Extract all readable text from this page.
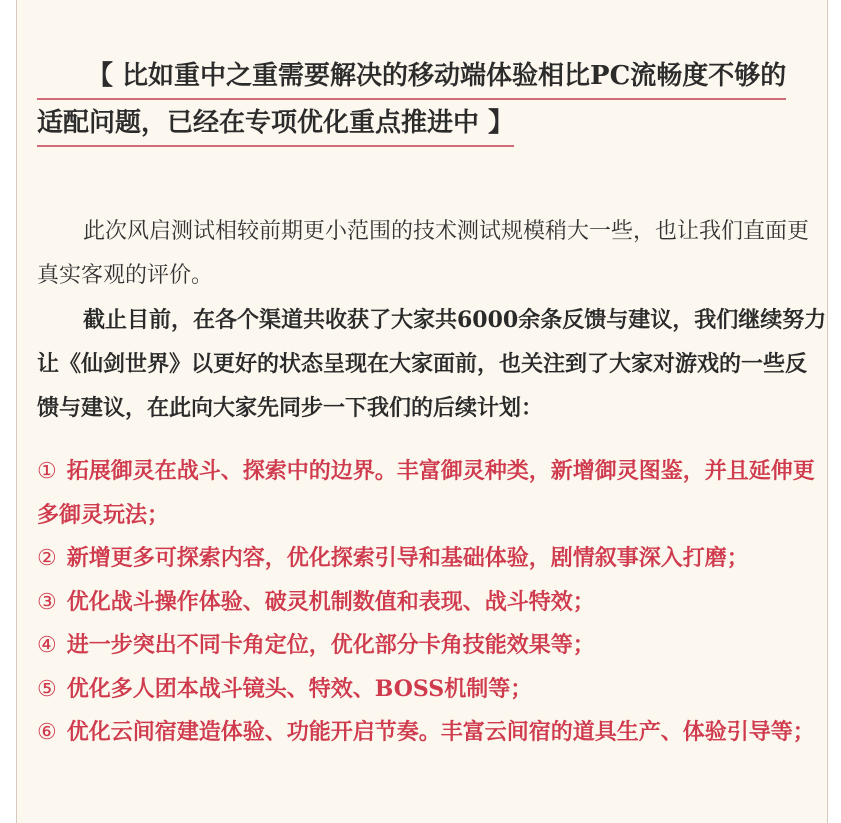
【 比如重中之重需要解决的移动端体验相比PC流畅度不够的
适配问题，已经在专项优化重点推进中 】

此次风启测试相较前期更小范围的技术测试规模稍大一些，也让我们直面更真实客观的评价。

截止目前，在各个渠道共收获了大家共6000余条反馈与建议，我们继续努力让《仙剑世界》以更好的状态呈现在大家面前，也关注到了大家对游戏的一些反馈与建议，在此向大家先同步一下我们的后续计划：

① 拓展御灵在战斗、探索中的边界。丰富御灵种类，新增御灵图鉴，并且延伸更多御灵玩法；
② 新增更多可探索内容，优化探索引导和基础体验，剧情叙事深入打磨；
③ 优化战斗操作体验、破灵机制数值和表现、战斗特效；
④ 进一步突出不同卡角定位，优化部分卡角技能效果等；
⑤ 优化多人团本战斗镜头、特效、BOSS机制等；
⑥ 优化云间宿建造体验、功能开启节奏。丰富云间宿的道具生产、体验引导等；
